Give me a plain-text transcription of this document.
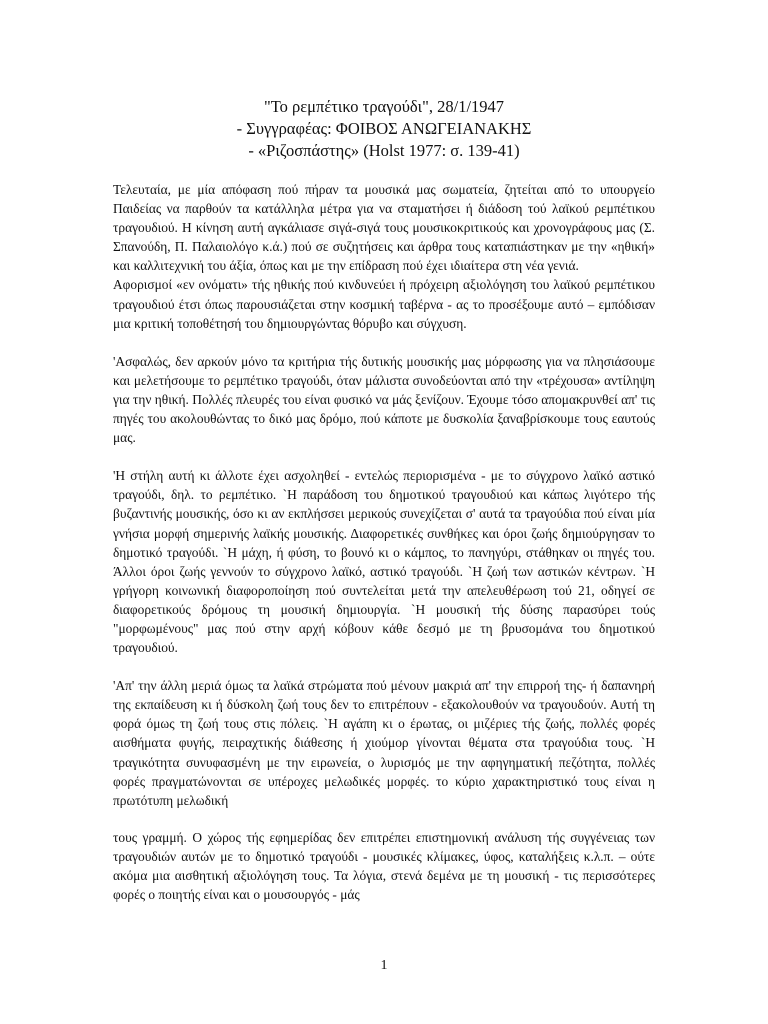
"Το ρεμπέτικο τραγούδι", 28/1/1947
- Συγγραφέας: ΦΟΙΒΟΣ ΑΝΩΓΕΙΑΝΑΚΗΣ
- «Ριζοσπάστης» (Holst 1977: σ. 139-41)

Τελευταία, με μία απόφαση πού πήραν τα μουσικά μας σωματεία, ζητείται από το υπουργείο Παιδείας να παρθούν τα κατάλληλα μέτρα για να σταματήσει ή διάδοση τού λαϊκού ρεμπέτικου τραγουδιού. Η κίνηση αυτή αγκάλιασε σιγά-σιγά τους μουσικοκριτικούς και χρονογράφους μας (Σ. Σπανούδη, Π. Παλαιολόγο κ.ά.) πού σε συζητήσεις και άρθρα τους καταπιάστηκαν με την «ηθική» και καλλιτεχνική του άξία, όπως και με την επίδραση πού έχει ιδιαίτερα στη νέα γενιά.

Αφορισμοί «εν ονόματι» τής ηθικής πού κινδυνεύει ή πρόχειρη αξιολόγηση του λαϊκού ρεμπέτικου τραγουδιού έτσι όπως παρουσιάζεται στην κοσμική ταβέρνα - ας το προσέξουμε αυτό – εμπόδισαν μια κριτική τοποθέτησή του δημιουργώντας θόρυβο και σύγχυση.

'Ασφαλώς, δεν αρκούν μόνο τα κριτήρια τής δυτικής μουσικής μας μόρφωσης για να πλησιάσουμε και μελετήσουμε το ρεμπέτικο τραγούδι, όταν μάλιστα συνοδεύονται από την «τρέχουσα» αντίληψη για την ηθική. Πολλές πλευρές του είναι φυσικό να μάς ξενίζουν. Έχουμε τόσο απομακρυνθεί απ' τις πηγές του ακολουθώντας το δικό μας δρόμο, πού κάποτε με δυσκολία ξαναβρίσκουμε τους εαυτούς μας.

'Η στήλη αυτή κι άλλοτε έχει ασχοληθεί - εντελώς περιορισμένα - με το σύγχρονο λαϊκό αστικό τραγούδι, δηλ. το ρεμπέτικο. `Η παράδοση του δημοτικού τραγουδιού και κάπως λιγότερο τής βυζαντινής μουσικής, όσο κι αν εκπλήσσει μερικούς συνεχίζεται σ' αυτά τα τραγούδια πού είναι μία γνήσια μορφή σημερινής λαϊκής μουσικής. Διαφορετικές συνθήκες και όροι ζωής δημιούργησαν το δημοτικό τραγούδι. `Η μάχη, ή φύση, το βουνό κι ο κάμπος, το πανηγύρι, στάθηκαν οι πηγές του. Άλλοι όροι ζωής γεννούν το σύγχρονο λαϊκό, αστικό τραγούδι. `Η ζωή των αστικών κέντρων. `Η γρήγορη κοινωνική διαφοροποίηση πού συντελείται μετά την απελευθέρωση τού 21, οδηγεί σε διαφορετικούς δρόμους τη μουσική δημιουργία. `Η μουσική τής δύσης παρασύρει τούς "μορφωμένους" μας πού στην αρχή κόβουν κάθε δεσμό με τη βρυσομάνα του δημοτικού τραγουδιού.

'Απ' την άλλη μεριά όμως τα λαϊκά στρώματα πού μένουν μακριά απ' την επιρροή της- ή δαπανηρή της εκπαίδευση κι ή δύσκολη ζωή τους δεν το επιτρέπουν - εξακολουθούν να τραγουδούν. Αυτή τη φορά όμως τη ζωή τους στις πόλεις. `Η αγάπη κι ο έρωτας, οι μιζέριες τής ζωής, πολλές φορές αισθήματα φυγής, πειραχτικής διάθεσης ή χιούμορ γίνονται θέματα στα τραγούδια τους. `Η τραγικότητα συνυφασμένη με την ειρωνεία, ο λυρισμός με την αφηγηματική πεζότητα, πολλές φορές πραγματώνονται σε υπέροχες μελωδικές μορφές. το κύριο χαρακτηριστικό τους είναι η πρωτότυπη μελωδική

τους γραμμή. Ο χώρος τής εφημερίδας δεν επιτρέπει επιστημονική ανάλυση τής συγγένειας των τραγουδιών αυτών με το δημοτικό τραγούδι - μουσικές κλίμακες, ύφος, καταλήξεις κ.λ.π. – ούτε ακόμα μια αισθητική αξιολόγηση τους. Τα λόγια, στενά δεμένα με τη μουσική - τις περισσότερες φορές ο ποιητής είναι και ο μουσουργός - μάς

1
